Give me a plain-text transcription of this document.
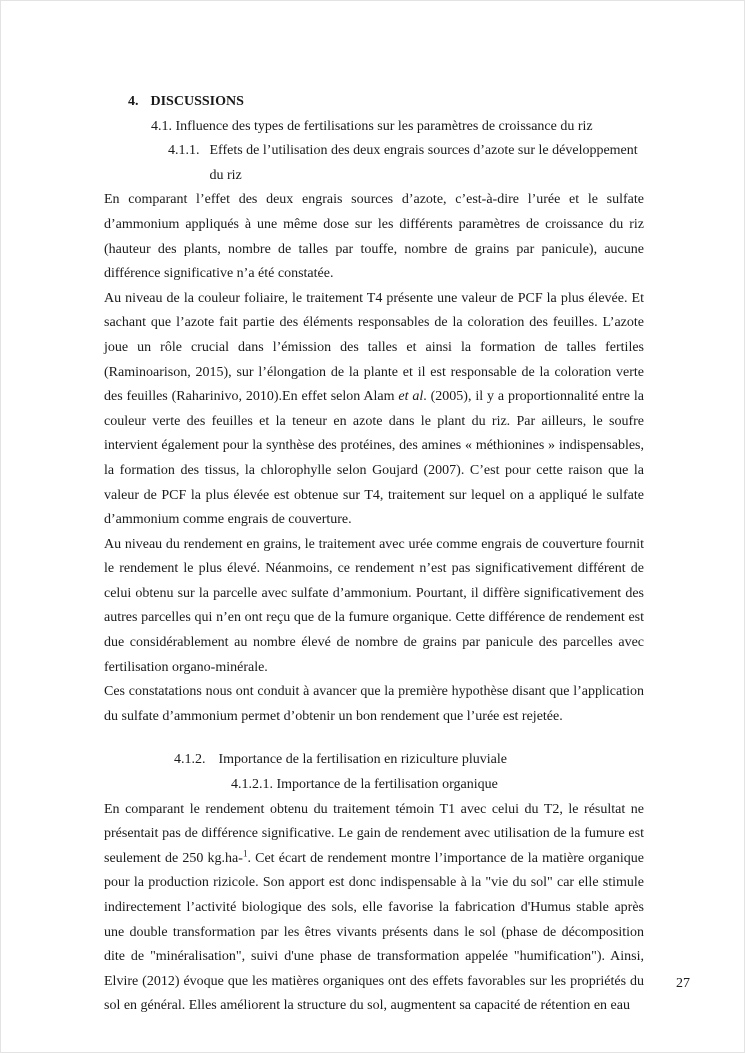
4. DISCUSSIONS
4.1. Influence des types de fertilisations sur les paramètres de croissance du riz
4.1.1. Effets de l’utilisation des deux engrais sources d’azote sur le développement
du riz

En comparant l’effet des deux engrais sources d’azote, c’est-à-dire l’urée et le sulfate d’ammonium appliqués à une même dose sur les différents paramètres de croissance du riz (hauteur des plants, nombre de talles par touffe, nombre de grains par panicule), aucune différence significative n’a été constatée.

Au niveau de la couleur foliaire, le traitement T4 présente une valeur de PCF la plus élevée. Et sachant que l’azote fait partie des éléments responsables de la coloration des feuilles. L’azote joue un rôle crucial dans l’émission des talles et ainsi la formation de talles fertiles (Raminoarison, 2015), sur l’élongation de la plante et il est responsable de la coloration verte des feuilles (Raharinivo, 2010).En effet selon Alam et al. (2005), il y a proportionnalité entre la couleur verte des feuilles et la teneur en azote dans le plant du riz. Par ailleurs, le soufre intervient également pour la synthèse des protéines, des amines « méthionines » indispensables, la formation des tissus, la chlorophylle selon Goujard (2007). C’est pour cette raison que la valeur de PCF la plus élevée est obtenue sur T4, traitement sur lequel on a appliqué le sulfate d’ammonium comme engrais de couverture.

Au niveau du rendement en grains, le traitement avec urée comme engrais de couverture fournit le rendement le plus élevé. Néanmoins, ce rendement n’est pas significativement différent de celui obtenu sur la parcelle avec sulfate d’ammonium. Pourtant, il diffère significativement des autres parcelles qui n’en ont reçu que de la fumure organique. Cette différence de rendement est due considérablement au nombre élevé de nombre de grains par panicule des parcelles avec fertilisation organo-minérale.

Ces constatations nous ont conduit à avancer que la première hypothèse disant que l’application du sulfate d’ammonium permet d’obtenir un bon rendement que l’urée est rejetée.

4.1.2. Importance de la fertilisation en riziculture pluviale
4.1.2.1. Importance de la fertilisation organique

En comparant le rendement obtenu du traitement témoin T1 avec celui du T2, le résultat ne présentait pas de différence significative. Le gain de rendement avec utilisation de la fumure est seulement de 250 kg.ha-$^1$. Cet écart de rendement montre l’importance de la matière organique pour la production rizicole. Son apport est donc indispensable à la "vie du sol" car elle stimule indirectement l’activité biologique des sols, elle favorise la fabrication d'Humus stable après une double transformation par les êtres vivants présents dans le sol (phase de décomposition dite de "minéralisation", suivi d'une phase de transformation appelée "humification"). Ainsi, Elvire (2012) évoque que les matières organiques ont des effets favorables sur les propriétés du sol en général. Elles améliorent la structure du sol, augmentent sa capacité de rétention en eau

27
